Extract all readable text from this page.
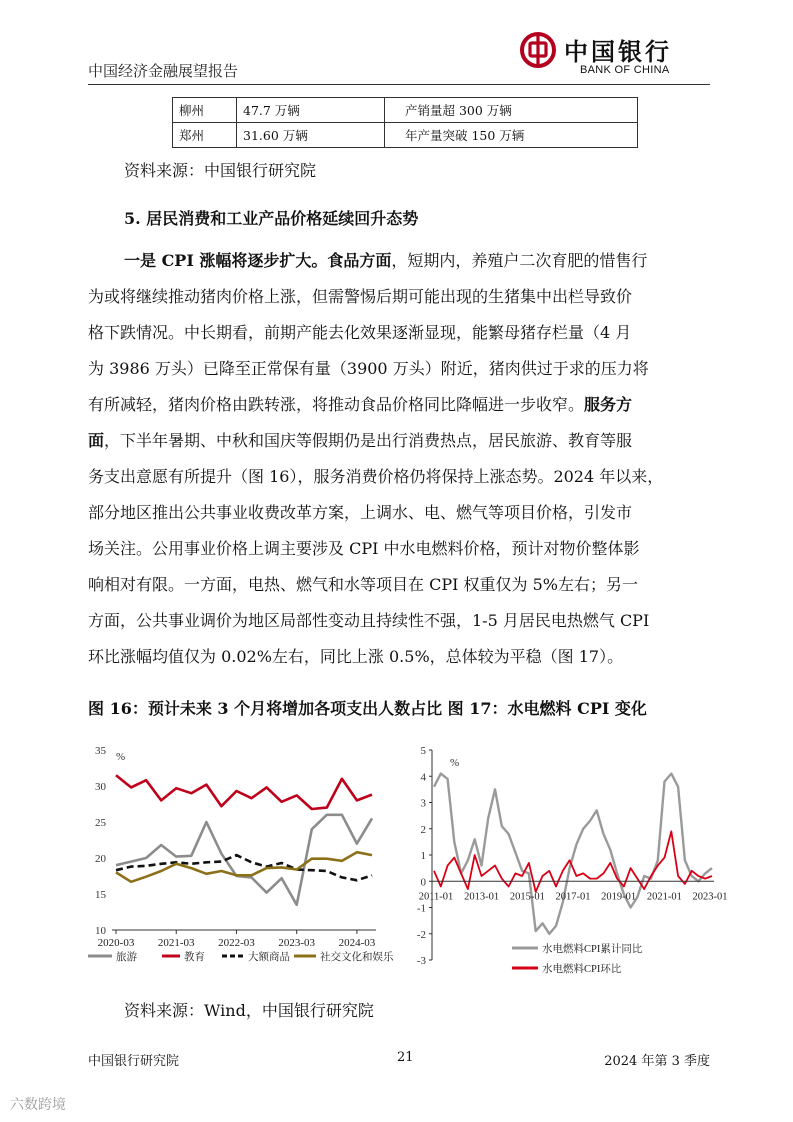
中国经济金融展望报告
中国银行
BANK OF CHINA
柳州	47.7 万辆	产销量超 300 万辆
郑州	31.60 万辆	年产量突破 150 万辆
资料来源：中国银行研究院
5. 居民消费和工业产品价格延续回升态势
一是 CPI 涨幅将逐步扩大。食品方面，短期内，养殖户二次育肥的惜售行
为或将继续推动猪肉价格上涨，但需警惕后期可能出现的生猪集中出栏导致价
格下跌情况。中长期看，前期产能去化效果逐渐显现，能繁母猪存栏量（4 月
为 3986 万头）已降至正常保有量（3900 万头）附近，猪肉供过于求的压力将
有所减轻，猪肉价格由跌转涨，将推动食品价格同比降幅进一步收窄。服务方
面，下半年暑期、中秋和国庆等假期仍是出行消费热点，居民旅游、教育等服
务支出意愿有所提升（图 16），服务消费价格仍将保持上涨态势。2024 年以来，
部分地区推出公共事业收费改革方案，上调水、电、燃气等项目价格，引发市
场关注。公用事业价格上调主要涉及 CPI 中水电燃料价格，预计对物价整体影
响相对有限。一方面，电热、燃气和水等项目在 CPI 权重仅为 5%左右；另一
方面，公共事业调价为地区局部性变动且持续性不强，1-5 月居民电热燃气 CPI
环比涨幅均值仅为 0.02%左右，同比上涨 0.5%，总体较为平稳（图 17）。
图 16：预计未来 3 个月将增加各项支出人数占比 图 17：水电燃料 CPI 变化
%
10
15
20
25
30
35
2020-03 2021-03 2022-03 2023-03 2024-03
旅游	教育	大额商品	社交文化和娱乐
%
-3
-2
-1
0
1
2
3
4
5
2011-01 2013-01 2015-01 2017-01 2019-01 2021-01 2023-01
水电燃料CPI累计同比
水电燃料CPI环比
资料来源：Wind，中国银行研究院
中国银行研究院	21	2024 年第 3 季度
六数跨境
